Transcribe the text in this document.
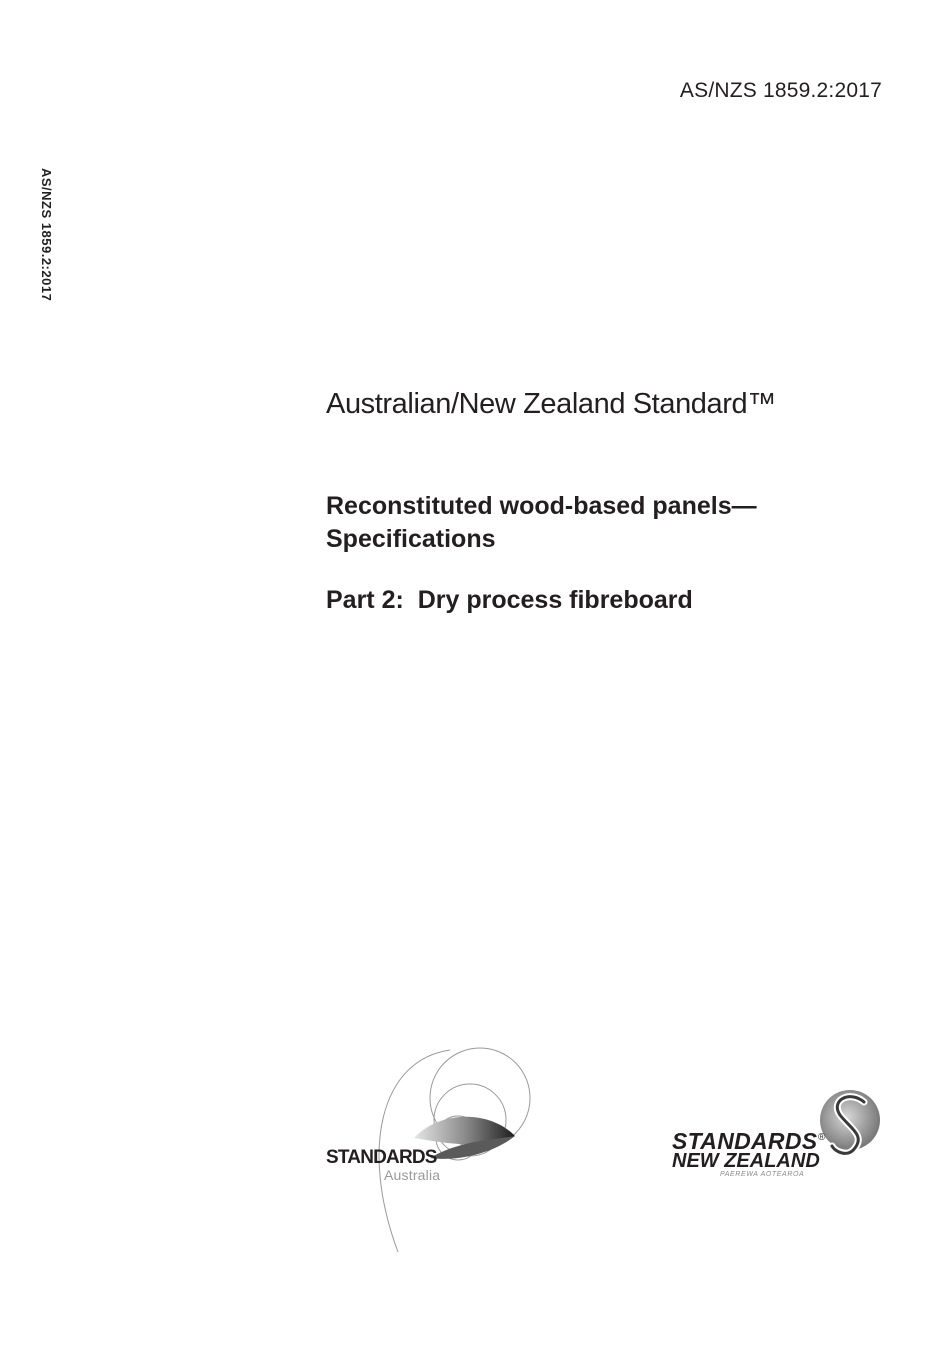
AS/NZS 1859.2:2017
AS/NZS 1859.2:2017
Australian/New Zealand Standard™
Reconstituted wood-based panels—
Specifications
Part 2:  Dry process fibreboard
STANDARDS
Australia
STANDARDS ®
NEW ZEALAND
PAEREWA AOTEAROA
